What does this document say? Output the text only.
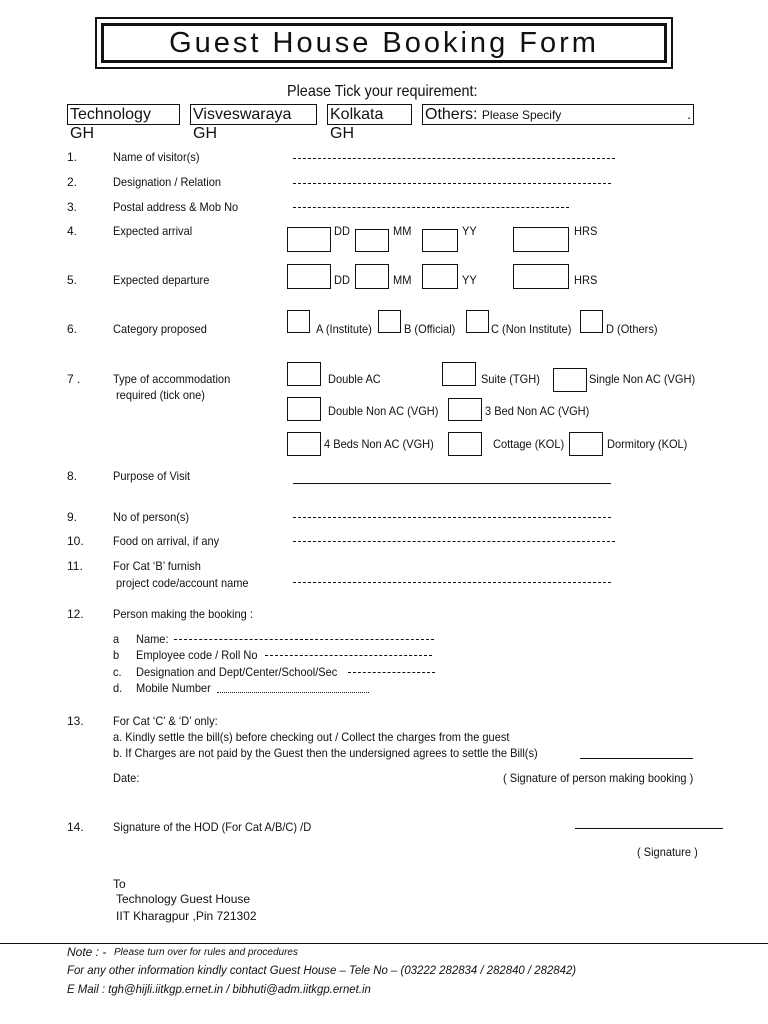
Guest House Booking Form
Please Tick your requirement:
Technology GH
Visveswaraya GH
Kolkata GH
Others: Please Specify	.
1.	Name of visitor(s)
2.	Designation / Relation
3.	Postal address & Mob No
4.	Expected arrival	DD	MM	YY	HRS
5.	Expected departure	DD	MM	YY	HRS
6.	Category proposed	A (Institute)	B (Official)	C (Non Institute)	D (Others)
7 .	Type of accommodation
required (tick one)
Double AC	Suite (TGH)	Single Non AC (VGH)
Double Non AC (VGH)	3 Bed Non AC (VGH)
4 Beds Non AC (VGH)	Cottage (KOL)	Dormitory (KOL)
8.	Purpose of Visit
9.	No of person(s)
10. Food on arrival, if any
11.	For Cat ‘B’ furnish
project code/account name
12. Person making the booking :
a Name:
b Employee code / Roll No
c. Designation and Dept/Center/School/Sec
d. Mobile Number
13. For Cat ‘C’ & ‘D’ only:
a. Kindly settle the bill(s) before checking out / Collect the charges from the guest
b. If Charges are not paid by the Guest then the undersigned agrees to settle the Bill(s)
Date:	( Signature of person making booking )
14. Signature of the HOD (For Cat A/B/C) /D
( Signature )
To
Technology Guest House
IIT Kharagpur ,Pin 721302
Note : - Please turn over for rules and procedures
For any other information kindly contact Guest House – Tele No – (03222 282834 / 282840 / 282842)
E Mail : tgh@hijli.iitkgp.ernet.in / bibhuti@adm.iitkgp.ernet.in
